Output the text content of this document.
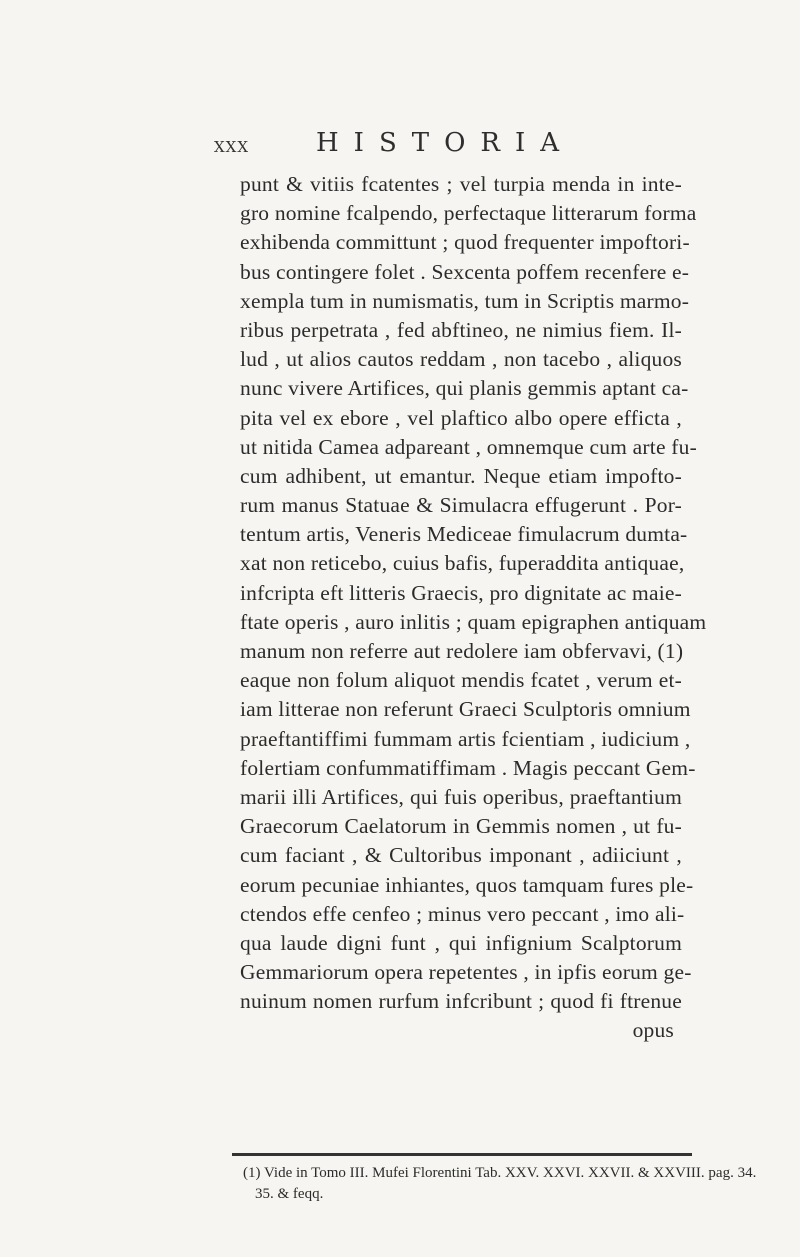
XXX	HISTORIA
punt & vitiis fcatentes ; vel turpia menda in inte-
gro nomine fcalpendo, perfectaque litterarum forma
exhibenda committunt ; quod frequenter impoftori-
bus contingere folet . Sexcenta poffem recenfere e-
xempla tum in numismatis, tum in Scriptis marmo-
ribus perpetrata , fed abftineo, ne nimius fiem. Il-
lud , ut alios cautos reddam , non tacebo , aliquos
nunc vivere Artifices, qui planis gemmis aptant ca-
pita vel ex ebore , vel plaftico albo opere effiсta ,
ut nitida Camea adpareant , omnemque cum arte fu-
cum adhibent, ut emantur. Neque etiam impofto-
rum manus Statuae & Simulacra effugerunt . Por-
tentum artis, Veneris Mediceae fimulacrum dumta-
xat non reticebo, cuius bafis, fuperaddita antiquae,
infcripta eft litteris Graecis, pro dignitate ac maie-
ftate operis , auro inlitis ; quam epigraphen antiquam
manum non referre aut redolere iam obfervavi, (1)
eaque non folum aliquot mendis fcatet , verum et-
iam litterae non referunt Graeci Sculptoris omnium
praeftantiffimi fummam artis fcientiam , iudicium ,
folertiam confummatiffimam . Magis peccant Gem-
marii illi Artifices, qui fuis operibus, praeftantium
Graecorum Caelatorum in Gemmis nomen , ut fu-
cum faciant , & Cultoribus imponant , adiiciunt ,
eorum pecuniae inhiantes, quos tamquam fures ple-
ctendos effe cenfeo ; minus vero peccant , imo ali-
qua laude digni funt , qui infignium Scalptorum
Gemmariorum opera repetentes , in ipfis eorum ge-
nuinum nomen rurfum infcribunt ; quod fi ftrenue
opus
(1) Vide in Tomo III. Mufei Florentini Tab. XXV. XXVI. XXVII. & XXVIII. pag. 34.
35. & feqq.
